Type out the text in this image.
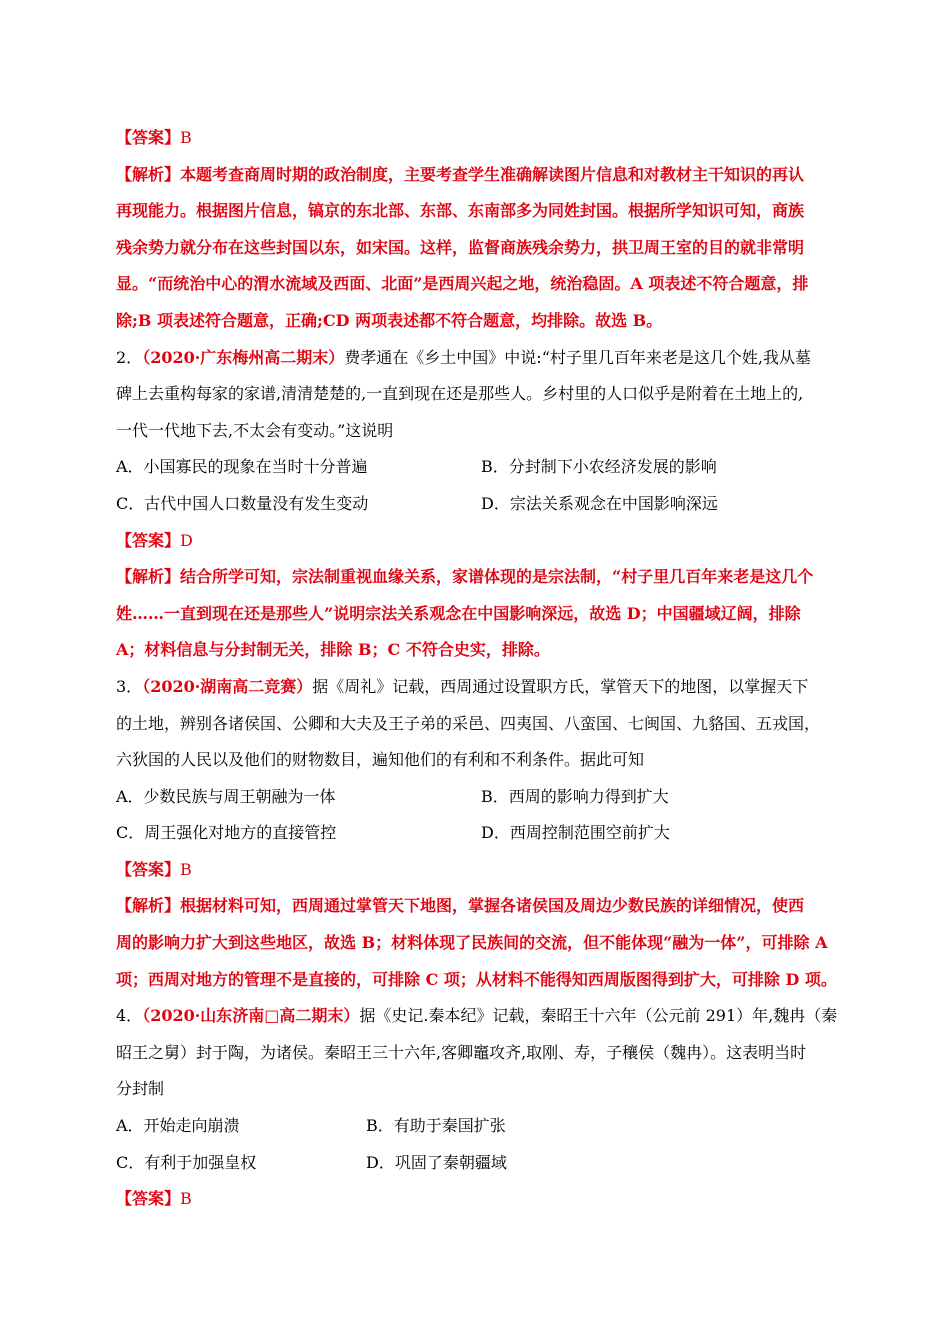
【答案】B
【解析】本题考查商周时期的政治制度，主要考查学生准确解读图片信息和对教材主干知识的再认
再现能力。根据图片信息，镐京的东北部、东部、东南部多为同姓封国。根据所学知识可知，商族
残余势力就分布在这些封国以东，如宋国。这样，监督商族残余势力，拱卫周王室的目的就非常明
显。“而统治中心的渭水流域及西面、北面”是西周兴起之地，统治稳固。A 项表述不符合题意，排
除;B 项表述符合题意，正确;CD 两项表述都不符合题意，均排除。故选 B。
2．（2020·广东梅州高二期末）费孝通在《乡土中国》中说:“村子里几百年来老是这几个姓,我从墓
碑上去重构每家的家谱,清清楚楚的,一直到现在还是那些人。乡村里的人口似乎是附着在土地上的,
一代一代地下去,不太会有变动。”这说明
A．小国寡民的现象在当时十分普遍	B．分封制下小农经济发展的影响
C．古代中国人口数量没有发生变动	D．宗法关系观念在中国影响深远
【答案】D
【解析】结合所学可知，宗法制重视血缘关系，家谱体现的是宗法制，“村子里几百年来老是这几个
姓……一直到现在还是那些人”说明宗法关系观念在中国影响深远，故选 D；中国疆域辽阔，排除
A；材料信息与分封制无关，排除 B；C 不符合史实，排除。
3．（2020·湖南高二竞赛）据《周礼》记载，西周通过设置职方氏，掌管天下的地图，以掌握天下
的土地，辨别各诸侯国、公卿和大夫及王子弟的采邑、四夷国、八蛮国、七闽国、九貉国、五戎国，
六狄国的人民以及他们的财物数目，遍知他们的有利和不利条件。据此可知
A．少数民族与周王朝融为一体	B．西周的影响力得到扩大
C．周王强化对地方的直接管控	D．西周控制范围空前扩大
【答案】B
【解析】根据材料可知，西周通过掌管天下地图，掌握各诸侯国及周边少数民族的详细情况，使西
周的影响力扩大到这些地区，故选 B；材料体现了民族间的交流，但不能体现“融为一体”，可排除 A
项；西周对地方的管理不是直接的，可排除 C 项；从材料不能得知西周版图得到扩大，可排除 D 项。
4．（2020·山东济南□高二期末）据《史记.秦本纪》记载，秦昭王十六年（公元前 291）年,魏冉（秦
昭王之舅）封于陶，为诸侯。秦昭王三十六年,客卿竈攻齐,取刚、寿，子穰侯（魏冉）。这表明当时
分封制
A．开始走向崩溃	B．有助于秦国扩张
C．有利于加强皇权	D．巩固了秦朝疆域
【答案】B
